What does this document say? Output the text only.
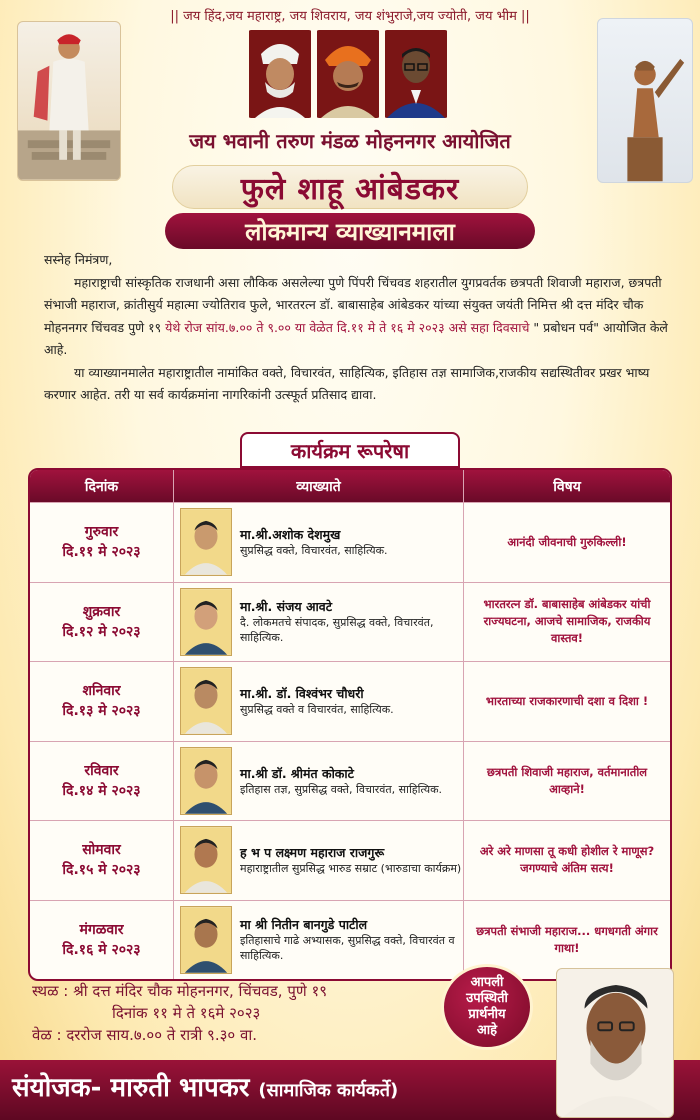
|| जय हिंद,जय महाराष्ट्र, जय शिवराय, जय शंभुराजे,जय ज्योती, जय भीम ||
जय भवानी तरुण मंडळ मोहननगर आयोजित
फुले शाहू आंबेडकर
लोकमान्य व्याख्यानमाला

सस्नेह निमंत्रण,

महाराष्ट्राची सांस्कृतिक राजधानी असा लौकिक असलेल्या पुणे पिंपरी चिंचवड शहरातील युगप्रवर्तक छत्रपती शिवाजी महाराज, छत्रपती संभाजी महाराज, क्रांतीसुर्य महात्मा ज्योतिराव फुले, भारतरत्न डॉ. बाबासाहेब आंबेडकर यांच्या संयुक्त जयंती निमित्त श्री दत्त मंदिर चौक मोहननगर चिंचवड पुणे १९ येथे रोज सांय.७.०० ते ९.०० या वेळेत दि.११ मे ते १६ मे २०२३ असे सहा दिवसाचे " प्रबोधन पर्व" आयोजित केले आहे.

या व्याख्यानमालेत महाराष्ट्रातील नामांकित वक्ते, विचारवंत, साहित्यिक, इतिहास तज्ञ सामाजिक,राजकीय सद्यस्थितीवर प्रखर भाष्य करणार आहेत. तरी या सर्व कार्यक्रमांना नागरिकांनी उत्स्फूर्त प्रतिसाद द्यावा.

कार्यक्रम रूपरेषा
दिनांक	व्याख्याते	विषय
गुरुवार
दि.११ मे २०२३
मा.श्री.अशोक देशमुख
सुप्रसिद्ध वक्ते, विचारवंत, साहित्यिक.
आनंदी जीवनाची गुरुकिल्ली!
शुक्रवार
दि.१२ मे २०२३
मा.श्री. संजय आवटे
दै. लोकमतचे संपादक, सुप्रसिद्ध वक्ते, विचारवंत, साहित्यिक.
भारतरत्न डॉ. बाबासाहेब आंबेडकर यांची राज्यघटना, आजचे सामाजिक, राजकीय वास्तव!
शनिवार
दि.१३ मे २०२३
मा.श्री. डॉ. विश्वंभर चौधरी
सुप्रसिद्ध वक्ते व विचारवंत, साहित्यिक.
भारताच्या राजकारणाची दशा व दिशा !
रविवार
दि.१४ मे २०२३
मा.श्री डॉ. श्रीमंत कोकाटे
इतिहास तज्ञ, सुप्रसिद्ध वक्ते, विचारवंत, साहित्यिक.
छत्रपती शिवाजी महाराज, वर्तमानातील आव्हाने!
सोमवार
दि.१५ मे २०२३
ह भ प लक्ष्मण महाराज राजगुरू
महाराष्ट्रातील सुप्रसिद्ध भारुड सम्राट (भारुडाचा कार्यक्रम)
अरे अरे माणसा तू कधी होशील रे माणूस? जगण्याचे अंतिम सत्य!
मंगळवार
दि.१६ मे २०२३
मा श्री नितीन बानगुडे पाटील
इतिहासाचे गाढे अभ्यासक, सुप्रसिद्ध वक्ते, विचारवंत व साहित्यिक.
छत्रपती संभाजी महाराज... धगधगती अंगार गाथा!
स्थळ : श्री दत्त मंदिर चौक मोहननगर, चिंचवड, पुणे १९
दिनांक ११ मे ते १६मे २०२३
वेळ : दररोज साय.७.०० ते रात्री ९.३० वा.
आपली
उपस्थिती
प्रार्थनीय
आहे
संयोजक- मारुती भापकर (सामाजिक कार्यकर्ते)
